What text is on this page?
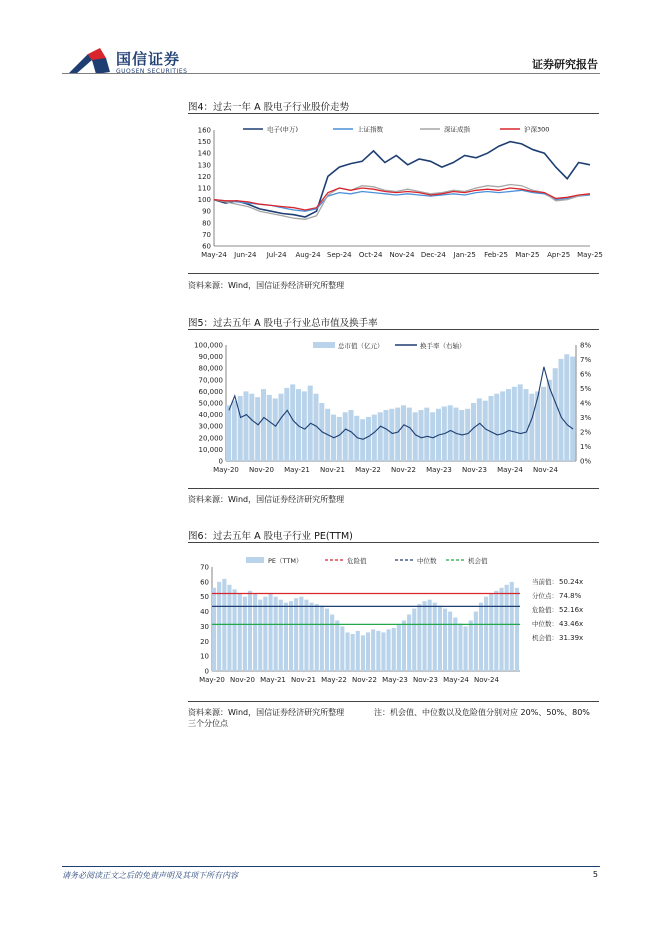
国信证券
GUOSEN SECURITIES
证券研究报告
图4：过去一年 A 股电子行业股价走势
60
70
80
90
100
110
120
130
140
150
160
May-24 Jun-24 Jul-24 Aug-24 Sep-24 Oct-24 Nov-24 Dec-24 Jan-25 Feb-25 Mar-25 Apr-25 May-25
电子(申万)	上证指数	深证成指	沪深300
资料来源：Wind，国信证券经济研究所整理
图5：过去五年 A 股电子行业总市值及换手率
0
10,000
20,000
30,000
40,000
50,000
60,000
70,000
80,000
90,000
100,000
0%
1%
2%
3%
4%
5%
6%
7%
8%
May-20 Nov-20 May-21 Nov-21 May-22 Nov-22 May-23 Nov-23 May-24 Nov-24
总市值（亿元）	换手率（右轴）
资料来源：Wind，国信证券经济研究所整理
图6：过去五年 A 股电子行业 PE(TTM)
0
10
20
30
40
50
60
70
May-20 Nov-20 May-21 Nov-21 May-22 Nov-22 May-23 Nov-23 May-24 Nov-24
PE（TTM）	危险值	中位数	机会值
当前值： 50.24x
分位点： 74.8%
危险值： 52.16x
中位数： 43.46x
机会值： 31.39x
资料来源：Wind，国信证券经济研究所整理	注：机会值、中位数以及危险值分别对应 20%、50%、80%
三个分位点
请务必阅读正文之后的免责声明及其项下所有内容	5
